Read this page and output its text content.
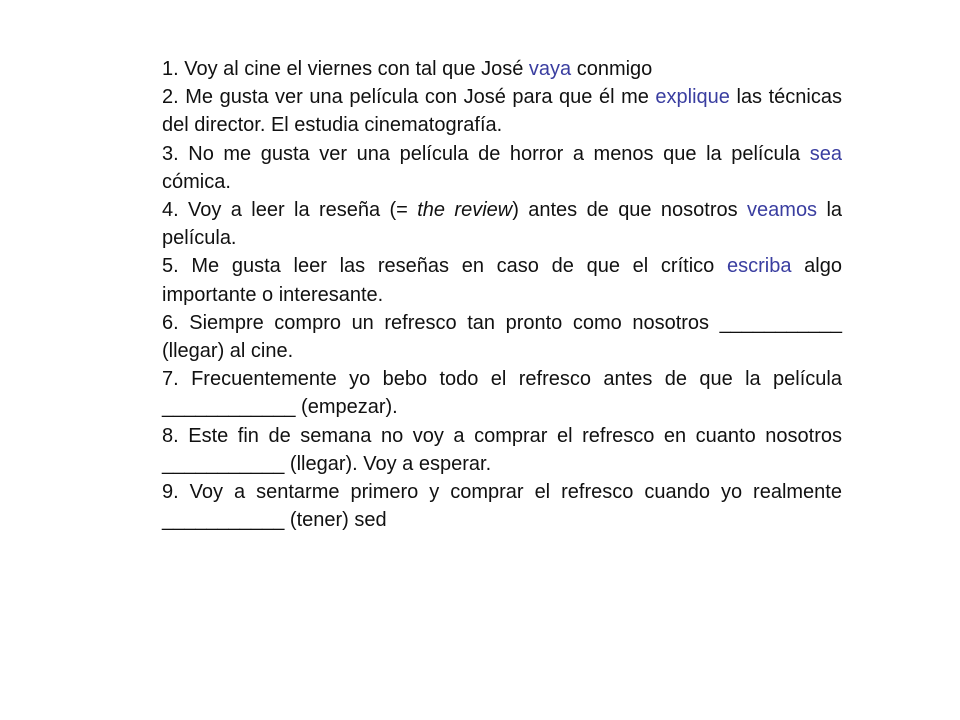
1. Voy al cine el viernes con tal que José vaya conmigo

2. Me gusta ver una película con José para que él me explique las técnicas del director. El estudia cinematografía.

3. No me gusta ver una película de horror a menos que la película sea cómica.

4. Voy a leer la reseña (= the review) antes de que nosotros veamos la película.

5. Me gusta leer las reseñas en caso de que el crítico escriba algo importante o interesante.

6. Siempre compro un refresco tan pronto como nosotros ___________ (llegar) al cine.

7. Frecuentemente yo bebo todo el refresco antes de que la película ____________ (empezar).

8. Este fin de semana no voy a comprar el refresco en cuanto nosotros ___________ (llegar). Voy a esperar.

9. Voy a sentarme primero y comprar el refresco cuando yo realmente ___________ (tener) sed
